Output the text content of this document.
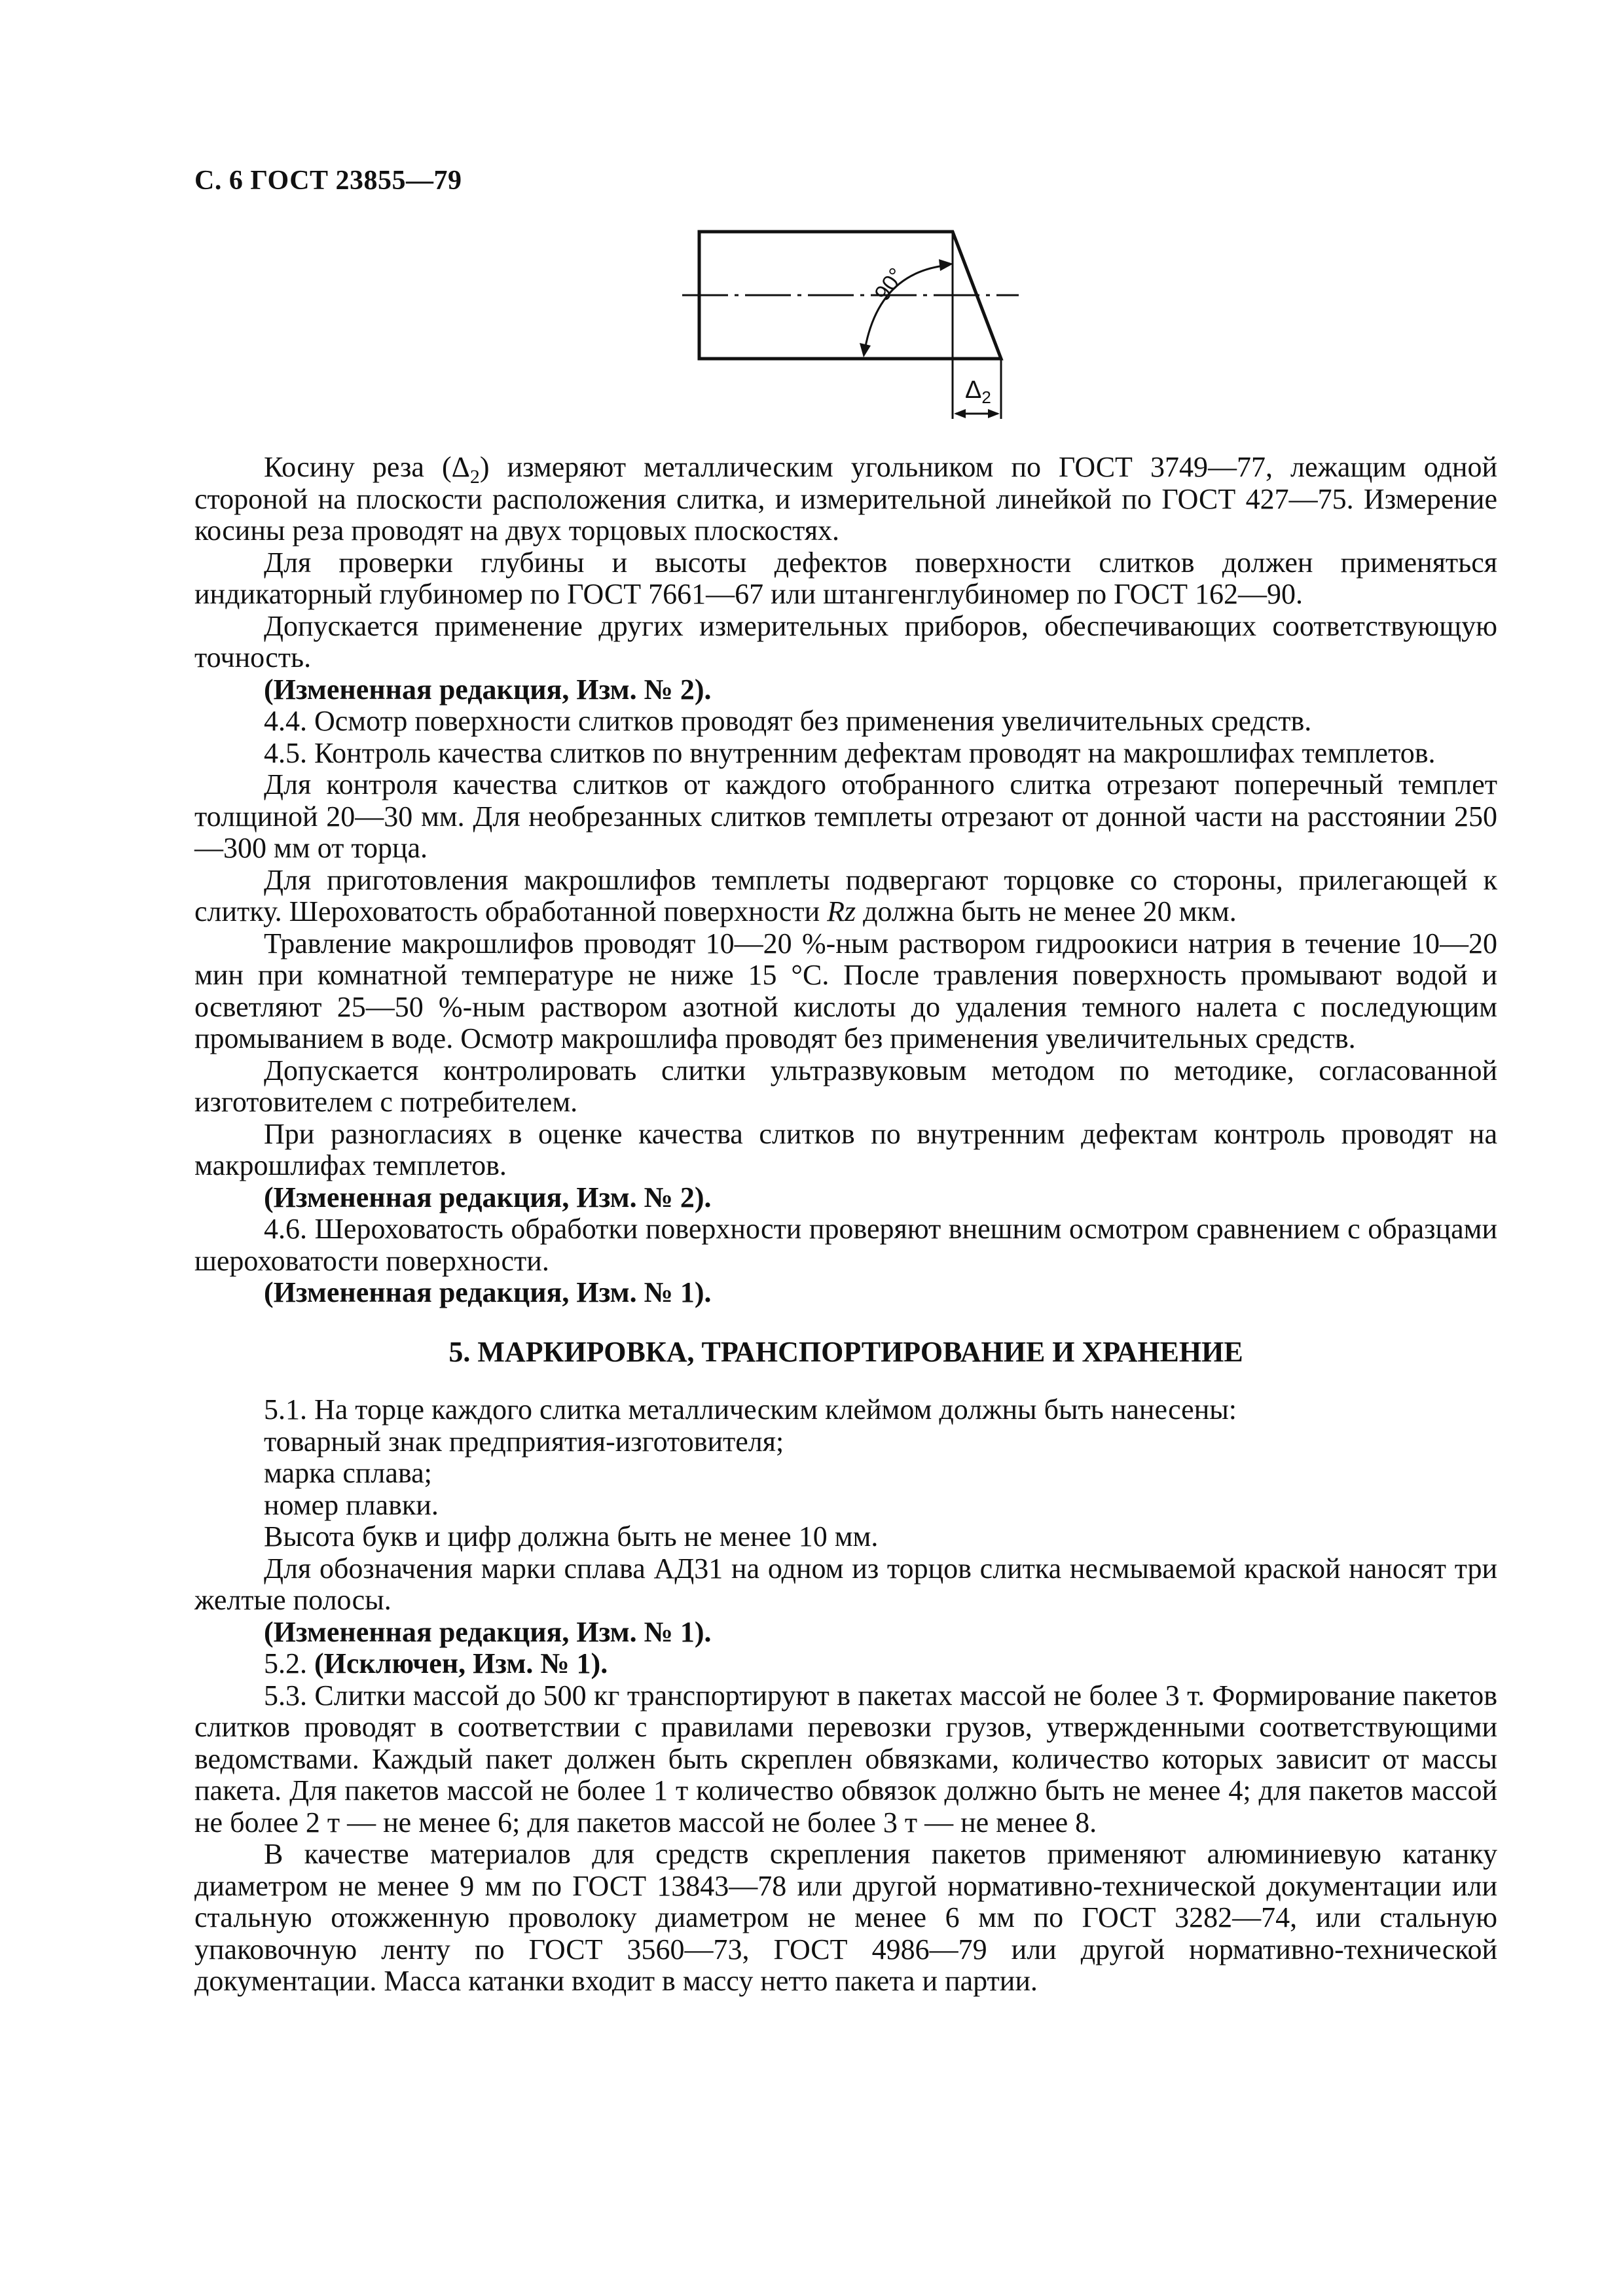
С. 6 ГОСТ 23855—79
90°
$\Delta_2$

Косину реза $(\Delta_2)$ измеряют металлическим угольником по ГОСТ 3749—77, лежащим одной стороной на плоскости расположения слитка, и измерительной линейкой по ГОСТ 427—75. Измерение косины реза проводят на двух торцовых плоскостях.

Для проверки глубины и высоты дефектов поверхности слитков должен применяться индикаторный глубиномер по ГОСТ 7661—67 или штангенглубиномер по ГОСТ 162—90.

Допускается применение других измерительных приборов, обеспечивающих соответствующую точность.

(Измененная редакция, Изм. № 2).

4.4. Осмотр поверхности слитков проводят без применения увеличительных средств.

4.5. Контроль качества слитков по внутренним дефектам проводят на макрошлифах темплетов.

Для контроля качества слитков от каждого отобранного слитка отрезают поперечный темплет толщиной 20—30 мм. Для необрезанных слитков темплеты отрезают от донной части на расстоянии 250—300 мм от торца.

Для приготовления макрошлифов темплеты подвергают торцовке со стороны, прилегающей к слитку. Шероховатость обработанной поверхности Rz должна быть не менее 20 мкм.

Травление макрошлифов проводят 10—20 %-ным раствором гидроокиси натрия в течение 10—20 мин при комнатной температуре не ниже 15 °С. После травления поверхность промывают водой и осветляют 25—50 %-ным раствором азотной кислоты до удаления темного налета с последующим промыванием в воде. Осмотр макрошлифа проводят без применения увеличительных средств.

Допускается контролировать слитки ультразвуковым методом по методике, согласованной изготовителем с потребителем.

При разногласиях в оценке качества слитков по внутренним дефектам контроль проводят на макрошлифах темплетов.

(Измененная редакция, Изм. № 2).

4.6. Шероховатость обработки поверхности проверяют внешним осмотром сравнением с образцами шероховатости поверхности.

(Измененная редакция, Изм. № 1).

5. МАРКИРОВКА, ТРАНСПОРТИРОВАНИЕ И ХРАНЕНИЕ

5.1. На торце каждого слитка металлическим клеймом должны быть нанесены:

товарный знак предприятия-изготовителя;

марка сплава;

номер плавки.

Высота букв и цифр должна быть не менее 10 мм.

Для обозначения марки сплава АД31 на одном из торцов слитка несмываемой краской наносят три желтые полосы.

(Измененная редакция, Изм. № 1).

5.2. (Исключен, Изм. № 1).

5.3. Слитки массой до 500 кг транспортируют в пакетах массой не более 3 т. Формирование пакетов слитков проводят в соответствии с правилами перевозки грузов, утвержденными соответствующими ведомствами. Каждый пакет должен быть скреплен обвязками, количество которых зависит от массы пакета. Для пакетов массой не более 1 т количество обвязок должно быть не менее 4; для пакетов массой не более 2 т — не менее 6; для пакетов массой не более 3 т — не менее 8.

В качестве материалов для средств скрепления пакетов применяют алюминиевую катанку диаметром не менее 9 мм по ГОСТ 13843—78 или другой нормативно-технической документации или стальную отожженную проволоку диаметром не менее 6 мм по ГОСТ 3282—74, или стальную упаковочную ленту по ГОСТ 3560—73, ГОСТ 4986—79 или другой нормативно-технической документации. Масса катанки входит в массу нетто пакета и партии.
